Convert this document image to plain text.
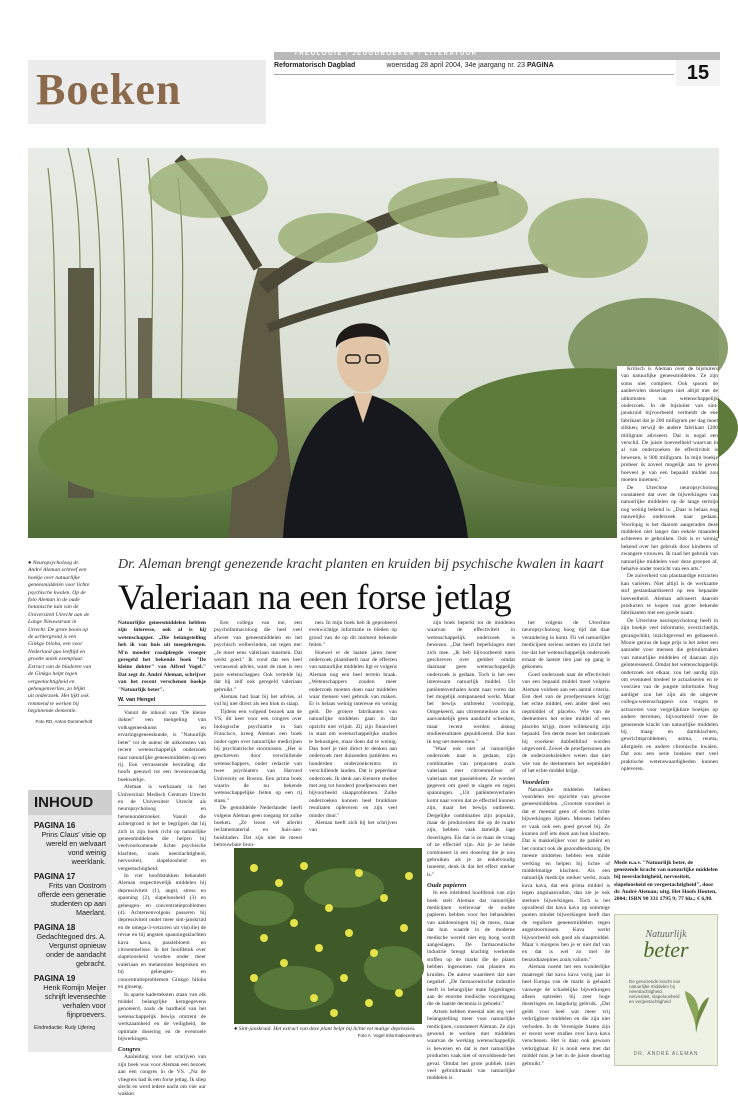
THEOLOGIE / JEUGDBOEKEN / LITERATUUR
Boeken	Reformatorisch Dagblad	woensdag 28 april 2004, 34e jaargang nr. 23 PAGINA	15
● Neuropsycholoog dr. André Aleman schreef een boekje over natuurlijke geneesmiddelen voor lichte psychische kwalen. Op de foto Aleman in de oude botanische tuin van de Universiteit Utrecht aan de Lange Nieuwstraat in Utrecht. De grote boom op de achtergrond is een Ginkgo biloba, een voor Nederland quo leeftijd en grootte uniek exemplaar. Extract van de bladeren van de Ginkgo helpt tegen vergeetachtigheid en geheugenverlies, zo blijkt uit onderzoek. Het lijkt ook remmend te werken bij beginnende dementie.
Foto RD, Anton Dommerholt
Dr. Aleman brengt genezende kracht planten en kruiden bij psychische kwalen in kaart
Valeriaan na een forse jetlag

Natuurlijke geneesmiddelen hebben zijn interesse, ook al is hij wetenschapper. „Die belangstelling heb ik van huis uit meegekregen. M'n moeder raadpleegde vroeger geregeld het bekende boek "De kleine dokter" van Alfred Vogel." Dat zegt dr. André Aleman, schrijver van het recent verschenen boekje "Natuurlijk beter".

W. van Hengel

Vanuit de inhoud van "De kleine dokter" een mengeling van volksgeneeskunst en ervaringsgeneeskunde, is "Natuurlijk beter" tot de auteur de uitkomsten van recent wetenschappelijk onderzoek naar natuurlijke geneesmiddelen op een rij. Een verrassende bevinding die hoofs geeuwd tot een levenswaardig boekwerkje.

Aleman is werkzaam in het Universitair Medisch Centrum Utrecht en de Universiteit Utrecht als neuropsycholoog en hersenonderzoeker. Vanuit die achtergrond is het te begrijpen dat hij zich in zijn boek richt op natuurlijke geneesmiddelen die helpen bij veelvoorkomende lichte psychische klachten, zoals neerslachtigheid, nervositeit, slapeloosheid en vergeetachtigheid.

In vier hoofdstukken behandelt Aleman respectievelijk middelen bij depressiviteit (1), angst, stress en spanning (2), slapeloosheid (3) en geheugen- en concentratieproblemen (4). Achtereenvolgens passeren bij depressiviteit onder meer sint-janskruid en de omega-3-vetzuren uit vis(olie) de revue en bij angsten spanningsklachten kava kava, passiebloem en citroenmelisse. In het hoofdstuk over slapeloosheid worden onder meer valeriaan en melatonine besproken en bij geheugen- en concentratieproblemen Ginkgo biloba en ginseng.

In aparte kaderteksten staan van elk middel belangrijke kerngegevens genoteerd, zoals de hardheid van het wetenschappelijk bewijs omtrent de werkzaamheid en de veiligheid, de optimale dosering en de eventuele bijwerkingen.

Congres

Aanleiding voor het schrijven van zijn boek was voor Aleman een bezoek aan een congres in de VS. „Na de vliegreis had ik een forse jetlag. Ik sliep slecht en werd iedere nacht om vier uur wakker.

Een collega van me, een psychofarmacoloog die heel veel afweet van geneesmiddelen en het psychisch welbevinden, zei tegen me: „Je moet eens valeriaan innemen. Dat werkt goed." Ik vond dat een heel verrassend advies, want de man is een pure wetenschapper. Ook vertelde hij dat hij zelf ook geregeld valeriaan gebruikt."

Aleman had baat bij het advies, al vul hij niet direct als een blok in slaap.

Tijdens een volgend bezoek aan de VS, dit keer voor een congres over biologische psychiatrie in San Francisco, kreeg Aleman een boek onder ogen over natuurlijke medicijnen bij psychiatrische stoornissen. „Het is geschreven door verschillende wetenschappers, onder redactie van twee psychiaters van Harvard University en Boston. Een prima boek waarin de nu bekende wetenschappelijke feiten op een rij staan."

De gemiddelde Nederlander heeft volgens Aleman geen toegang tot zulke boeken. „Ze lezen vel allerlei reclamematerial en huis-aan-huisbladen. Dat zijn niet de meest betrouwbare bron-

nen. In mijn boek heb ik geprobeerd evenwichtige informatie te bieden op grond van de op dit moment bekende feiten."

Hoewel er de laatste jaren meer onderzoek plaatsheeft naar de effecten van natuurlijke middelen ligt er volgens Aleman nog een heel terrein braak. „Wetenschappers zouden meer onderzoek moeten doen naar middelen waar mensen veel gebruik van maken. Er is helaas weinig interesse en weinig geld. De grotere fabrikanten van natuurlijke middelen gaan in dat opzicht niet vrijuit. Zij zijn financieel in staat om wetenschappelijke studies te bekostigen, maar doen dat te weinig. Dan hoef je niet direct te denken aan onderzoek met duizenden patiënten en honderden onderzoekcentra in verschillende landen. Dat is peperduur onderzoek. Ik denk aan kleinere studies met zeg tot honderd proefpersonen met bijvoorbeeld slaapproblemen. Zulke onderzoeken kunnen heel bruikbare resultaten opleveren en zijn veel minder duur."

Aleman heeft zich bij het schrijven van

● Sint-janskruid. Het extract van deze plant helpt bij lichte tot matige depressies.
Foto A. Vogel Informatiecentrum

zijn boek beperkt tot de middelen waarvan de effectiviteit in wetenschappelijk onderzoek is bewezen. „Dat heeft beperkingen met zich mee. „Ik heb bijvoorbeeld niets geschreven over gember omdat daarnaar geen wetenschappelijk onderzoek is gedaan. Toch is het een interessant natuurlijk middel. Uit patiëntenverhalen komt naar voren dat het mogelijk ontspannend werkt. Maar het bewijs ontbreekt voorlopig. Omgekeerd, aan citroenmelisse zou ik aanvankelijk geen aandacht schenken, maar recent werden alsnog studieresultaten gepubliceerd. Die kon ik nog net meenemen."

"Waar ook niet al natuurlijke onderzoek naar is gedaan, zijn combinaties van preparaten zoals valeriaan met citroenmelisse of valeriaan met passiebloem. Ze worden gegeven om goed te slagen en tegen spanningen. „Uit patiëntenverhalen komt naar voren dat ze effectief kunnen zijn, maar het bewijs ontbreekt. Dergelijke combinaties zijn populair, maar de producenten die op de markt zijn, hebben vaak tamelijk lage doseringen. Eis dat is ze maar de vraag of ze effectief zijn. Als je ze beide combineert in een dosering die je nou gebruiken als je ze enkelvoudig inneemt, denk ik dat het effect sterker is."

Oude papieren

In een inleidend hoofdstuk van zijn boek stelt Aleman dat natuurlijke medicijnen weliswaar de oudste papieren hebben voor het behandelen van aandoeningen bij de mens, maar dat hun waarde in de moderne medische wereld niet erg hoog wordt aangeslagen. De farmaceutische industrie brengt krachtig werkende stoffen op de markt die de plants hebben ingenomen van planten en kruiden. De auteur waardeert dat niet negatief. „De farmaceutische industrie heeft in belangrijke mate bijgedragen aan de enorme medische vooruitgang die de laatste decennia is geboekt."

Artsen hebben meestal niet erg veel belangstelling meer voor natuurlijke medicijnen, constateert Aleman. Ze zijn gewend te werken met middelen waarvan de werking wetenschappelijk is bewezen en dat is met natuurlijke producten vaak niet of onvoldoende het geval. Omdat het grote publiek (niet veel gebruikmaakt van natuurlijke middelen is

het volgens de Utrechtse neuropsycholoog hoog tijd dat daar verandering in komt. Fli vel natuurlijke medicijnen serieus nemen en (zicht het toe dat het wetenschappelijk onderzoek ernaar de laatste tien jaar op gang is gekomen.

Goed onderzoek naar de effectiviteit van een bepaald middel moet volgens Aleman voldoen aan een aantal criteria. Een deel van de proefpersonen krijgt het echte middel, een ander deel een nepmiddel of placebo. Wie van de deelnemers het echte middel of een placebo krijgt, moet willekeurig zijn bepaald. Ten derde moet het onderzoek bij voorkeur dubbelblind worden uitgevoerd. Zowel de proefpersonen als de onderzoeksleiders weten dan niet wie van de deelnemers het nepmiddel of het echte middel krijgt.

Voordelen

Natuurlijke middelen hebben voordelen ten opzichte van gewone geneesmiddelen. „Grootste voordeel is dat er meestal geen of slechts lichte bijwerkingen lijdsen. Mensen hebben er vaak ook een goed gevoel bij. Ze kunnen zelf iets doen aan hun klachten. Dat is makkelijker voor de patiënt en het contact ook de gezondheidszorg. De meeste middelen hebben een milde werking en helpen bij lichte of middelmatige klachten. Als een natuurlijk medicijn sterker werkt, zoals kava kava, dat een prima middel is tegen angstaanvallen, dan zie je ook sterkere bijwerkingen. Toch is het opvallend dat kava kava op sommige punten minder bijwerkingen heeft dan de reguliere geneesmiddelen tegen angststoornissen. Kava werkt bijvoorbeeld ook goed als slaapmiddel. Maar 's morgens ben je er niet duf van en dat is wel zo met de benzodiazepines zoals valium."

Aleman noemt het een wonderlijke maatregel dat kava kava vorig jaar in heel Europa van de markt is gehaald vanwege de schadelijke bijwerkingen alleen optreden bij zeer hoge doseringen en langdurig gebruik. „Dat geldt voor heel wat meer vrij verkrijgbare middelen en die zijn niet verboden. In de Verenigde Staten zijn er recent weer studies over kava kava verschenen. Het is daar ook gewoon verkrijgbaar. Er is nooit eens met dat middel mits je het in de juiste dosering gebruikt."

Kritisch is Aleman over de bijsluiters van natuurlijke geneesmiddelen. Ze zijn soms niet compleet. Ook spoorn de aanbevolen doseringen niet altijd met de uitkomsten van wetenschappelijk onderzoek. In de bijsluiter van sint-janskruid bijvoorbeeld vermeldt de ene fabrikant dat je 200 milligram per dag moet slikken, terwijl de andere fabrikant 1200 milligram adviseert. Dat is nogal een verschil. De juiste hoeveelheid waarvan in al van onderzoeken de effectiviteit is bewezen, is 900 milligram. In mijn boekje probeer ik zoveel mogelijk aan te geven hoeveel je van een bepaald middel zou moeten innemen."

De Utrechtse neuropsycholoog constateert dat over de bijwerkingen van natuurlijke middelen op de lange termijn nog weinig bekend is. „Daar is helaas nog nauwelijks onderzoek naar gedaan. Voorlopig is het daarom aangeraden deze middelen niet langer dan enkele maanden achtereen te gebruiken. Ook is er weinig bekend over het gebruik door kinderen of zwangere vrouwen. Ik raad het gebruik van natuurlijke middelen voor deze groepen af, behalve onder toezicht van een arts."

De zuiverheid van plantaardige extracten kan variëren. Niet altijd is de werkzame stof gestandaardiseerd op een bepaalde hoeveelheid. Aleman adviseert daarom producten te kopen van grote bekende fabrikanten met een goede naam.

De Utrechtse neuropsycholoog heeft in zijn boekje veel informatie, overzichtelijk gerangschikt, inzichtgevend en gebaseerd. Mooie genius de hage prijs is het zeker een aanrader voor mensen die gebruikmaken van natuurlijke middelen of daaraan zijn geïnteresseerd. Omdat het wetenschappelijk onderzoek oot elkaar, zou het aardig zijn om eventueel bredeel te actualiseren en te voorzien van de jongste informatie. Nog aardiger zou het zijn als de uitgever collega-wetenschappers zou vragen te actraceren voor vergelijkbare boekjes op andere terreinen, bijvoorbeeld over de genezende kracht van natuurlijke middelen bij maag- en darmklachten, gewrichtsproblemen, astma, reuma, allergieën en andere chronische kwalen. Dat zou een serie boekies met veel praktische wetenswaardigheden kunnen opleveren.

Mede n.a.v. "Natuurlijk beter, de genezende kracht van natuurlijke middelen bij neerslachtigheid, nervositeit, slapeloosheid en vergeetachtigheid", door dr. André Aleman; uitg. Het Hoofs Houten, 2004; ISBN 90 331 1795 9; 77 blz.; € 6,90.
Natuurlijk
beter
De genezende kracht van natuurlijke middelen bij neerslachtigheid, nervositeit, slapeloosheid en vergeetachtigheid
DR. ANDRÉ ALEMAN
INHOUD
PAGINA 16
Prins Claus' visie op wereld en welvaart vond weinig weerklank.
PAGINA 17
Frits van Oostrom offerde een generatie studenten op aan Maerlant.
PAGINA 18
Gedachtegoed drs. A. Vergunst opnieuw onder de aandacht gebracht.
PAGINA 19
Henk Romijn Meijer schrijft levensechte verhalen voor fijnproevers.
Eindredactie: Rudy Lijfering
